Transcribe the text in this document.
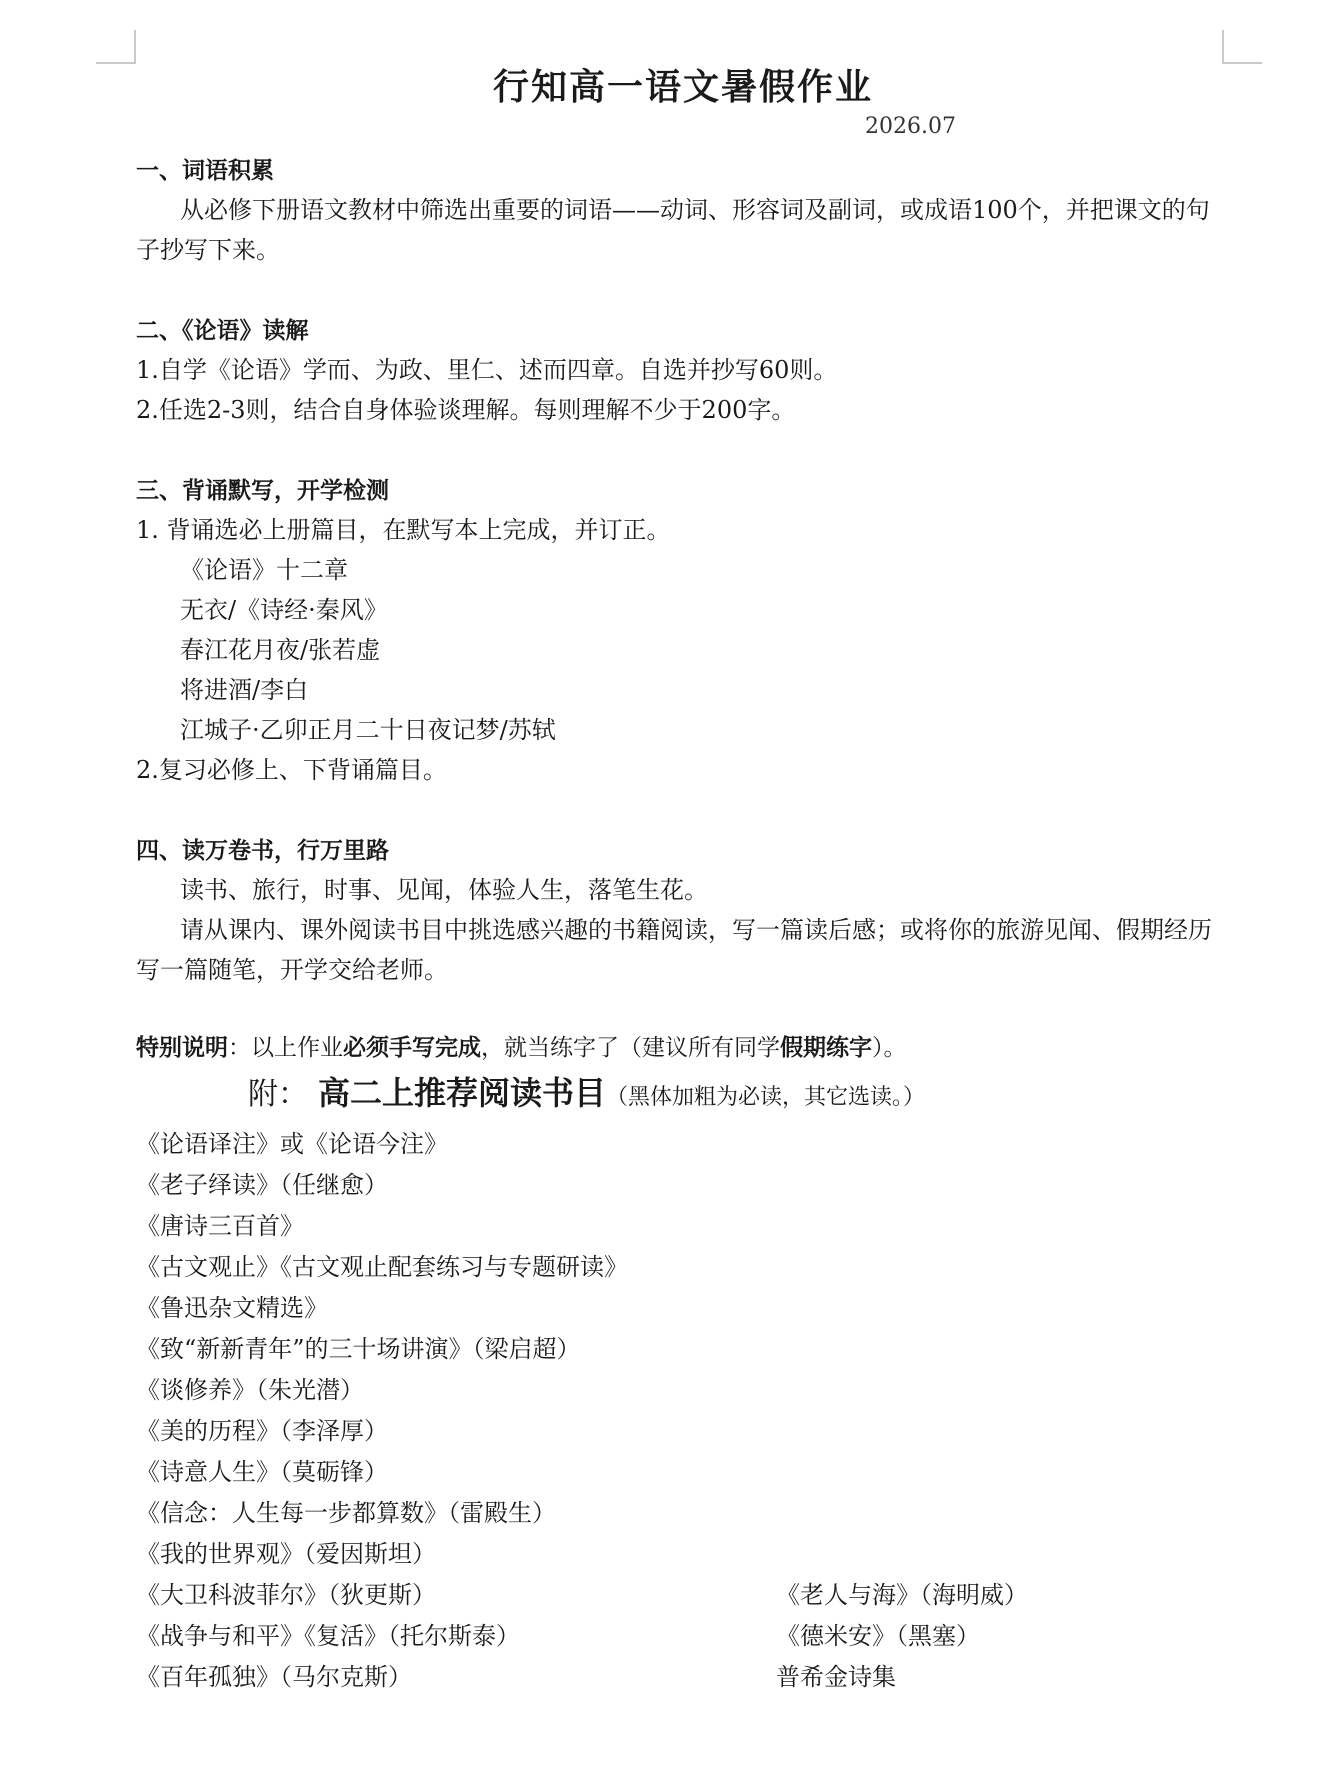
行知高一语文暑假作业
2026.07
一、词语积累
从必修下册语文教材中筛选出重要的词语——动词、形容词及副词，或成语100个，并把课文的句子抄写下来。
二、《论语》读解
1.自学《论语》学而、为政、里仁、述而四章。自选并抄写60则。
2.任选2-3则，结合自身体验谈理解。每则理解不少于200字。
三、背诵默写，开学检测
1. 背诵选必上册篇目，在默写本上完成，并订正。
《论语》十二章
无衣/《诗经·秦风》
春江花月夜/张若虚
将进酒/李白
江城子·乙卯正月二十日夜记梦/苏轼
2.复习必修上、下背诵篇目。
四、读万卷书，行万里路
读书、旅行，时事、见闻，体验人生，落笔生花。
请从课内、课外阅读书目中挑选感兴趣的书籍阅读，写一篇读后感；或将你的旅游见闻、假期经历写一篇随笔，开学交给老师。
特别说明：以上作业必须手写完成，就当练字了（建议所有同学假期练字）。
附： 高二上推荐阅读书目（黑体加粗为必读，其它选读。）
《论语译注》或《论语今注》
《老子绎读》（任继愈）
《唐诗三百首》
《古文观止》《古文观止配套练习与专题研读》
《鲁迅杂文精选》
《致“新新青年”的三十场讲演》（梁启超）
《谈修养》（朱光潜）
《美的历程》（李泽厚）
《诗意人生》（莫砺锋）
《信念：人生每一步都算数》（雷殿生）
《我的世界观》（爱因斯坦）
《大卫科波菲尔》（狄更斯）
《战争与和平》《复活》（托尔斯泰）
《百年孤独》（马尔克斯）
《老人与海》（海明威）
《德米安》（黑塞）
普希金诗集
